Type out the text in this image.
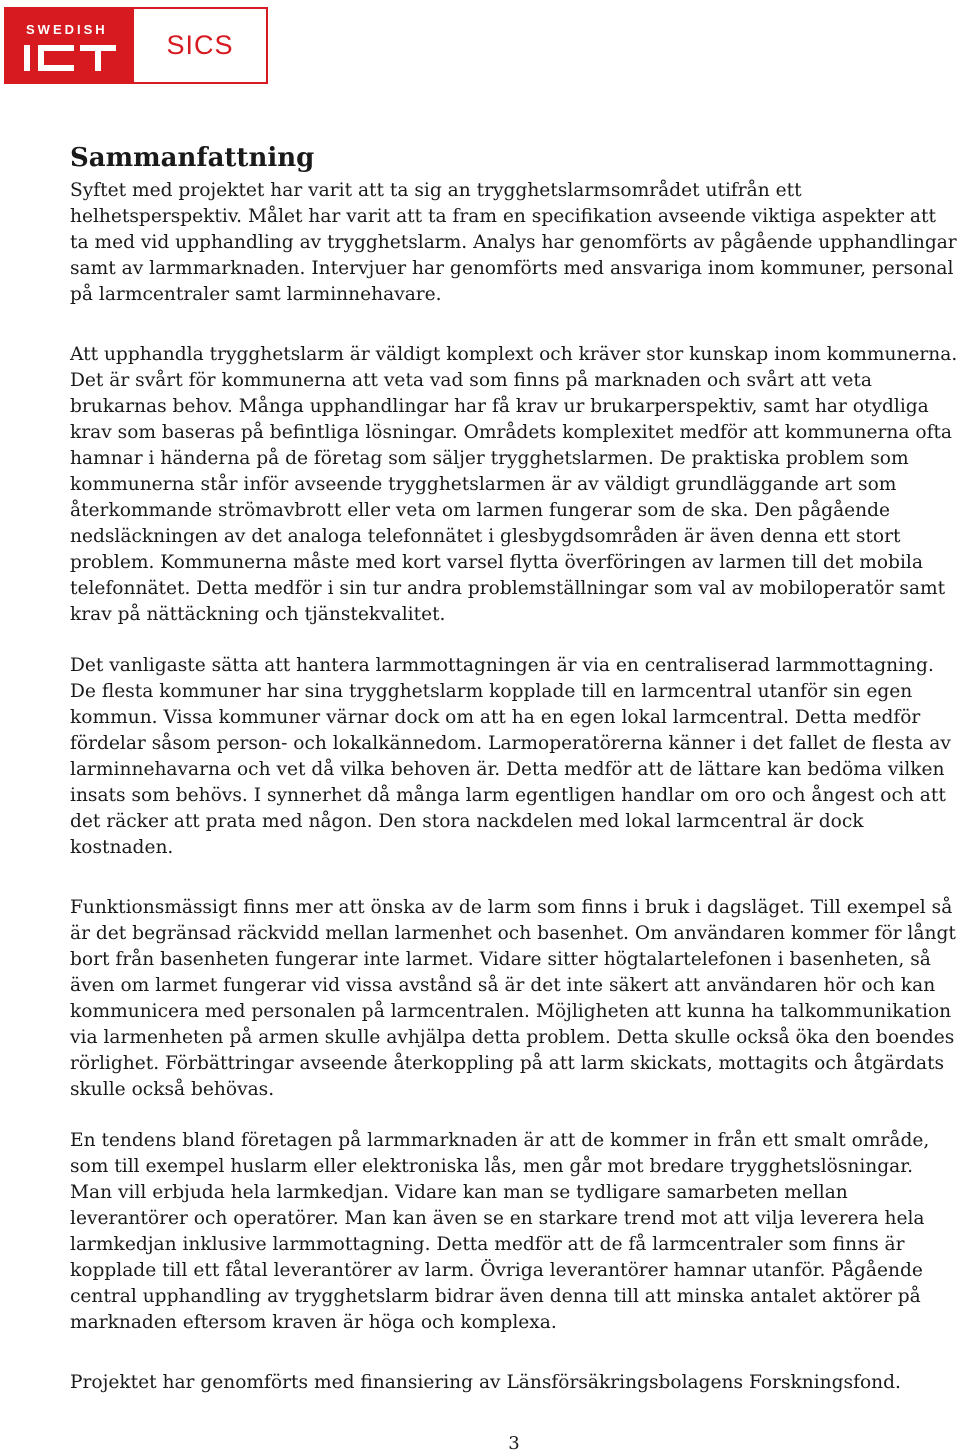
SWEDISH
SICS
Sammanfattning

Syftet med projektet har varit att ta sig an trygghetslarmsområdet utifrån ett helhetsperspektiv. Målet har varit att ta fram en specifikation avseende viktiga aspekter att ta med vid upphandling av trygghetslarm. Analys har genomförts av pågående upphandlingar samt av larmmarknaden. Intervjuer har genomförts med ansvariga inom kommuner, personal på larmcentraler samt larminnehavare.

Att upphandla trygghetslarm är väldigt komplext och kräver stor kunskap inom kommunerna. Det är svårt för kommunerna att veta vad som finns på marknaden och svårt att veta brukarnas behov. Många upphandlingar har få krav ur brukarperspektiv, samt har otydliga krav som baseras på befintliga lösningar. Områdets komplexitet medför att kommunerna ofta hamnar i händerna på de företag som säljer trygghetslarmen. De praktiska problem som kommunerna står inför avseende trygghetslarmen är av väldigt grundläggande art som återkommande strömavbrott eller veta om larmen fungerar som de ska. Den pågående nedsläckningen av det analoga telefonnätet i glesbygdsområden är även denna ett stort problem. Kommunerna måste med kort varsel flytta överföringen av larmen till det mobila telefonnätet. Detta medför i sin tur andra problemställningar som val av mobiloperatör samt krav på nättäckning och tjänstekvalitet.

Det vanligaste sätta att hantera larmmottagningen är via en centraliserad larmmottagning. De flesta kommuner har sina trygghetslarm kopplade till en larmcentral utanför sin egen kommun. Vissa kommuner värnar dock om att ha en egen lokal larmcentral. Detta medför fördelar såsom person- och lokalkännedom. Larmoperatörerna känner i det fallet de flesta av larminnehavarna och vet då vilka behoven är. Detta medför att de lättare kan bedöma vilken insats som behövs. I synnerhet då många larm egentligen handlar om oro och ångest och att det räcker att prata med någon. Den stora nackdelen med lokal larmcentral är dock kostnaden.

Funktionsmässigt finns mer att önska av de larm som finns i bruk i dagsläget. Till exempel så är det begränsad räckvidd mellan larmenhet och basenhet. Om användaren kommer för långt bort från basenheten fungerar inte larmet. Vidare sitter högtalartelefonen i basenheten, så även om larmet fungerar vid vissa avstånd så är det inte säkert att användaren hör och kan kommunicera med personalen på larmcentralen. Möjligheten att kunna ha talkommunikation via larmenheten på armen skulle avhjälpa detta problem. Detta skulle också öka den boendes rörlighet. Förbättringar avseende återkoppling på att larm skickats, mottagits och åtgärdats skulle också behövas.

En tendens bland företagen på larmmarknaden är att de kommer in från ett smalt område, som till exempel huslarm eller elektroniska lås, men går mot bredare trygghetslösningar. Man vill erbjuda hela larmkedjan. Vidare kan man se tydligare samarbeten mellan leverantörer och operatörer. Man kan även se en starkare trend mot att vilja leverera hela larmkedjan inklusive larmmottagning. Detta medför att de få larmcentraler som finns är kopplade till ett fåtal leverantörer av larm. Övriga leverantörer hamnar utanför. Pågående central upphandling av trygghetslarm bidrar även denna till att minska antalet aktörer på marknaden eftersom kraven är höga och komplexa.

Projektet har genomförts med finansiering av Länsförsäkringsbolagens Forskningsfond.

3
